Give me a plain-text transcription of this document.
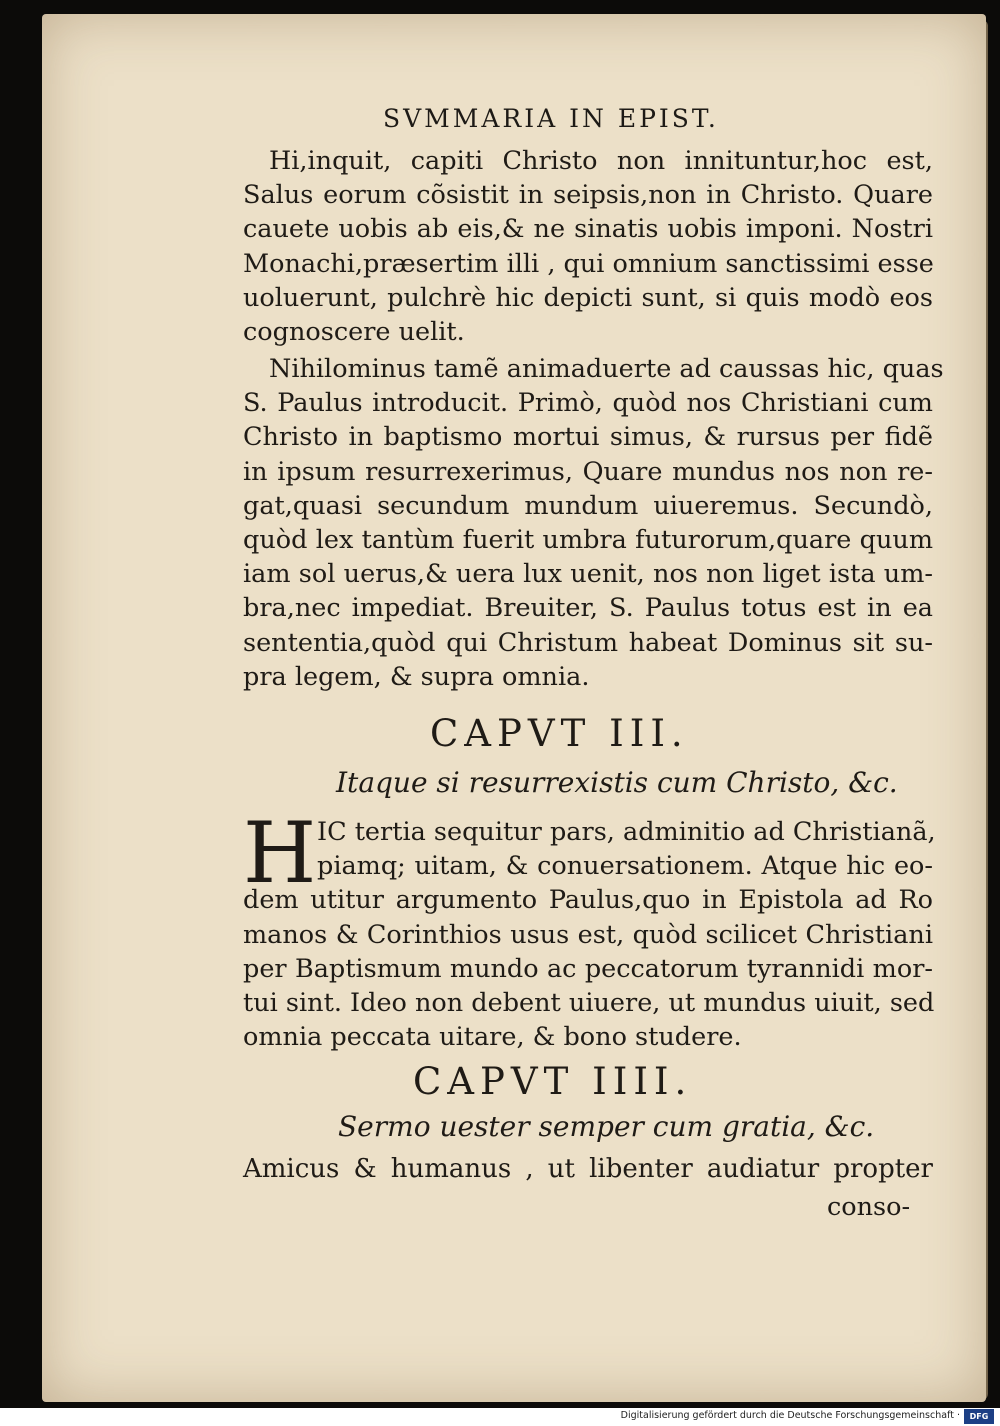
SVMMARIA IN EPIST.
Hi,inquit, capiti Christo non innituntur,hoc est,
Salus eorum cõsistit in seipsis,non in Christo. Quare
cauete uobis ab eis,& ne sinatis uobis imponi. Nostri
Monachi,præsertim illi , qui omnium sanctissimi esse
uoluerunt, pulchrè hic depicti sunt, si quis modò eos
cognoscere uelit.
Nihilominus tamẽ animaduerte ad caussas hic, quas
S. Paulus introducit. Primò, quòd nos Christiani cum
Christo in baptismo mortui simus, & rursus per fidẽ
in ipsum resurrexerimus, Quare mundus nos non re-
gat,quasi secundum mundum uiueremus. Secundò,
quòd lex tantùm fuerit umbra futurorum,quare quum
iam sol uerus,& uera lux uenit, nos non liget ista um-
bra,nec impediat. Breuiter, S. Paulus totus est in ea
sententia,quòd qui Christum habeat Dominus sit su-
pra legem, & supra omnia.
CAPVT III.
Itaque si resurrexistis cum Christo, &c.
H IC tertia sequitur pars, adminitio ad Christianã,
piamq; uitam, & conuersationem. Atque hic eo-
dem utitur argumento Paulus,quo in Epistola ad Ro
manos & Corinthios usus est, quòd scilicet Christiani
per Baptismum mundo ac peccatorum tyrannidi mor-
tui sint. Ideo non debent uiuere, ut mundus uiuit, sed
omnia peccata uitare, & bono studere.
CAPVT IIII.
Sermo uester semper cum gratia, &c.
Amicus & humanus , ut libenter audiatur propter
conso-
Digitalisierung gefördert durch die Deutsche Forschungsgemeinschaft ·	DFG
